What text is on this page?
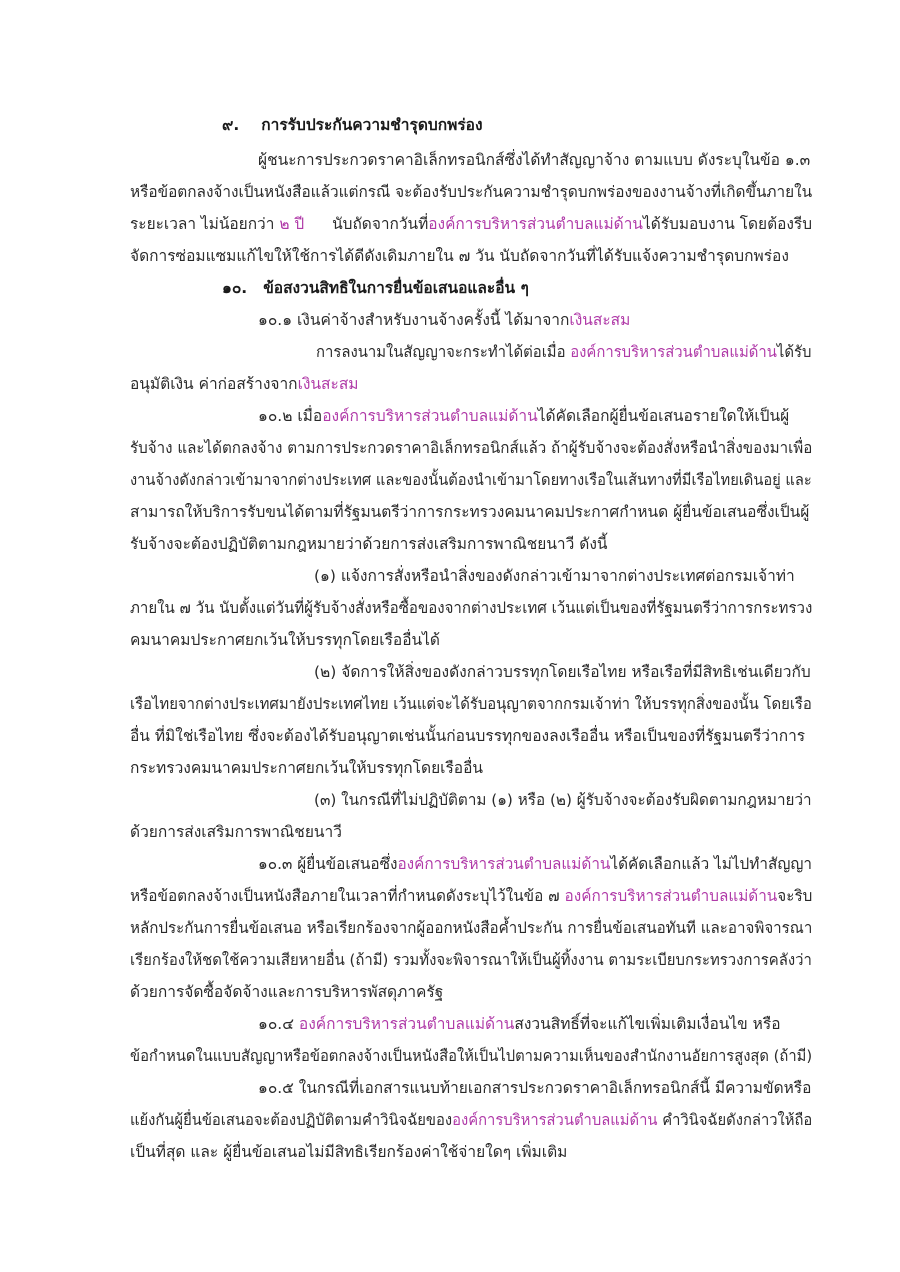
๙. การรับประกันความชำรุดบกพร่อง
ผู้ชนะการประกวดราคาอิเล็กทรอนิกส์ซึ่งได้ทำสัญญาจ้าง ตามแบบ ดังระบุในข้อ ๑.๓
หรือข้อตกลงจ้างเป็นหนังสือแล้วแต่กรณี จะต้องรับประกันความชำรุดบกพร่องของงานจ้างที่เกิดขึ้นภายใน
ระยะเวลา ไม่น้อยกว่า ๒ ปี นับถัดจากวันที่องค์การบริหารส่วนตำบลแม่ด้านได้รับมอบงาน โดยต้องรีบ
จัดการซ่อมแซมแก้ไขให้ใช้การได้ดีดังเดิมภายใน ๗ วัน นับถัดจากวันที่ได้รับแจ้งความชำรุดบกพร่อง
๑๐. ข้อสงวนสิทธิในการยื่นข้อเสนอและอื่น ๆ
๑๐.๑ เงินค่าจ้างสำหรับงานจ้างครั้งนี้ ได้มาจากเงินสะสม
การลงนามในสัญญาจะกระทำได้ต่อเมื่อ องค์การบริหารส่วนตำบลแม่ด้านได้รับ
อนุมัติเงิน ค่าก่อสร้างจากเงินสะสม
๑๐.๒ เมื่อองค์การบริหารส่วนตำบลแม่ด้านได้คัดเลือกผู้ยื่นข้อเสนอรายใดให้เป็นผู้
รับจ้าง และได้ตกลงจ้าง ตามการประกวดราคาอิเล็กทรอนิกส์แล้ว ถ้าผู้รับจ้างจะต้องสั่งหรือนำสิ่งของมาเพื่อ
งานจ้างดังกล่าวเข้ามาจากต่างประเทศ และของนั้นต้องนำเข้ามาโดยทางเรือในเส้นทางที่มีเรือไทยเดินอยู่ และ
สามารถให้บริการรับขนได้ตามที่รัฐมนตรีว่าการกระทรวงคมนาคมประกาศกำหนด ผู้ยื่นข้อเสนอซึ่งเป็นผู้
รับจ้างจะต้องปฏิบัติตามกฎหมายว่าด้วยการส่งเสริมการพาณิชยนาวี ดังนี้
(๑) แจ้งการสั่งหรือนำสิ่งของดังกล่าวเข้ามาจากต่างประเทศต่อกรมเจ้าท่า
ภายใน ๗ วัน นับตั้งแต่วันที่ผู้รับจ้างสั่งหรือซื้อของจากต่างประเทศ เว้นแต่เป็นของที่รัฐมนตรีว่าการกระทรวง
คมนาคมประกาศยกเว้นให้บรรทุกโดยเรืออื่นได้
(๒) จัดการให้สิ่งของดังกล่าวบรรทุกโดยเรือไทย หรือเรือที่มีสิทธิเช่นเดียวกับ
เรือไทยจากต่างประเทศมายังประเทศไทย เว้นแต่จะได้รับอนุญาตจากกรมเจ้าท่า ให้บรรทุกสิ่งของนั้น โดยเรือ
อื่น ที่มิใช่เรือไทย ซึ่งจะต้องได้รับอนุญาตเช่นนั้นก่อนบรรทุกของลงเรืออื่น หรือเป็นของที่รัฐมนตรีว่าการ
กระทรวงคมนาคมประกาศยกเว้นให้บรรทุกโดยเรืออื่น
(๓) ในกรณีที่ไม่ปฏิบัติตาม (๑) หรือ (๒) ผู้รับจ้างจะต้องรับผิดตามกฎหมายว่า
ด้วยการส่งเสริมการพาณิชยนาวี
๑๐.๓ ผู้ยื่นข้อเสนอซึ่งองค์การบริหารส่วนตำบลแม่ด้านได้คัดเลือกแล้ว ไม่ไปทำสัญญา
หรือข้อตกลงจ้างเป็นหนังสือภายในเวลาที่กำหนดดังระบุไว้ในข้อ ๗ องค์การบริหารส่วนตำบลแม่ด้านจะริบ
หลักประกันการยื่นข้อเสนอ หรือเรียกร้องจากผู้ออกหนังสือค้ำประกัน การยื่นข้อเสนอทันที และอาจพิจารณา
เรียกร้องให้ชดใช้ความเสียหายอื่น (ถ้ามี) รวมทั้งจะพิจารณาให้เป็นผู้ทิ้งงาน ตามระเบียบกระทรวงการคลังว่า
ด้วยการจัดซื้อจัดจ้างและการบริหารพัสดุภาครัฐ
๑๐.๔ องค์การบริหารส่วนตำบลแม่ด้านสงวนสิทธิ์ที่จะแก้ไขเพิ่มเติมเงื่อนไข หรือ
ข้อกำหนดในแบบสัญญาหรือข้อตกลงจ้างเป็นหนังสือให้เป็นไปตามความเห็นของสำนักงานอัยการสูงสุด (ถ้ามี)
๑๐.๕ ในกรณีที่เอกสารแนบท้ายเอกสารประกวดราคาอิเล็กทรอนิกส์นี้ มีความขัดหรือ
แย้งกันผู้ยื่นข้อเสนอจะต้องปฏิบัติตามคำวินิจฉัยขององค์การบริหารส่วนตำบลแม่ด้าน คำวินิจฉัยดังกล่าวให้ถือ
เป็นที่สุด และ ผู้ยื่นข้อเสนอไม่มีสิทธิเรียกร้องค่าใช้จ่ายใดๆ เพิ่มเติม
